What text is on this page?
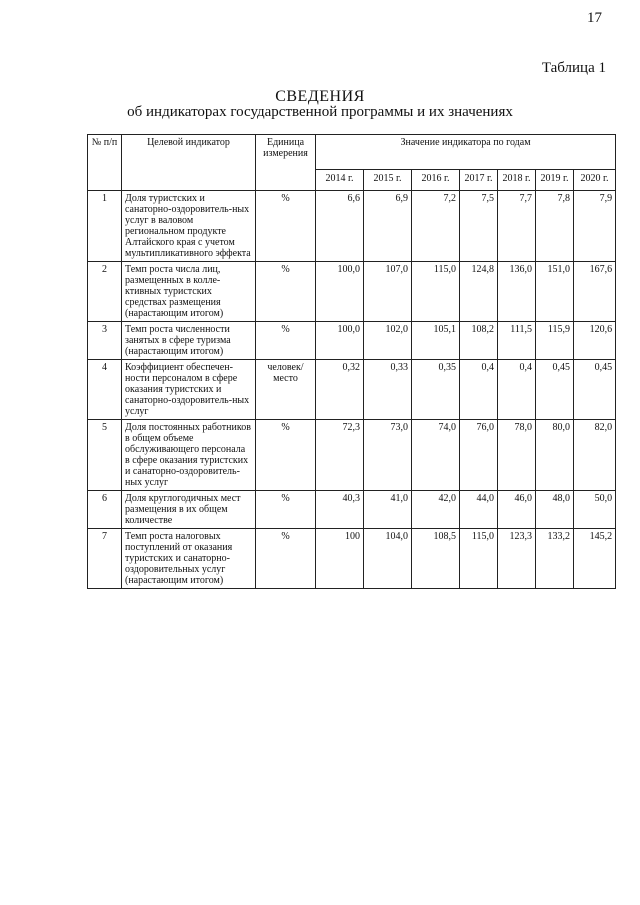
17
Таблица 1
СВЕДЕНИЯ
об индикаторах государственной программы и их значениях
№ п/п	Целевой индикатор	Единица измерения	Значение индикатора по годам						
			2014 г.	2015 г.	2016 г.	2017 г.	2018 г.	2019 г.	2020 г.
1	Доля туристских и санаторно-оздоровитель-ных услуг в валовом региональном продукте Алтайского края с учетом мультипликативного эффекта	%	6,6	6,9	7,2	7,5	7,7	7,8	7,9
2	Темп роста числа лиц, размещенных в колле-ктивных туристских средствах размещения (нарастающим итогом)	%	100,0	107,0	115,0	124,8	136,0	151,0	167,6
3	Темп роста численности занятых в сфере туризма (нарастающим итогом)	%	100,0	102,0	105,1	108,2	111,5	115,9	120,6
4	Коэффициент обеспечен-ности персоналом в сфере оказания туристских и санаторно-оздоровитель-ных услуг	человек/ место	0,32	0,33	0,35	0,4	0,4	0,45	0,45
5	Доля постоянных работников в общем объеме обслуживающего персонала в сфере оказания туристских и санаторно-оздоровитель-ных услуг	%	72,3	73,0	74,0	76,0	78,0	80,0	82,0
6	Доля круглогодичных мест размещения в их общем количестве	%	40,3	41,0	42,0	44,0	46,0	48,0	50,0
7	Темп роста налоговых поступлений от оказания туристских и санаторно-оздоровительных услуг (нарастающим итогом)	%	100	104,0	108,5	115,0	123,3	133,2	145,2
